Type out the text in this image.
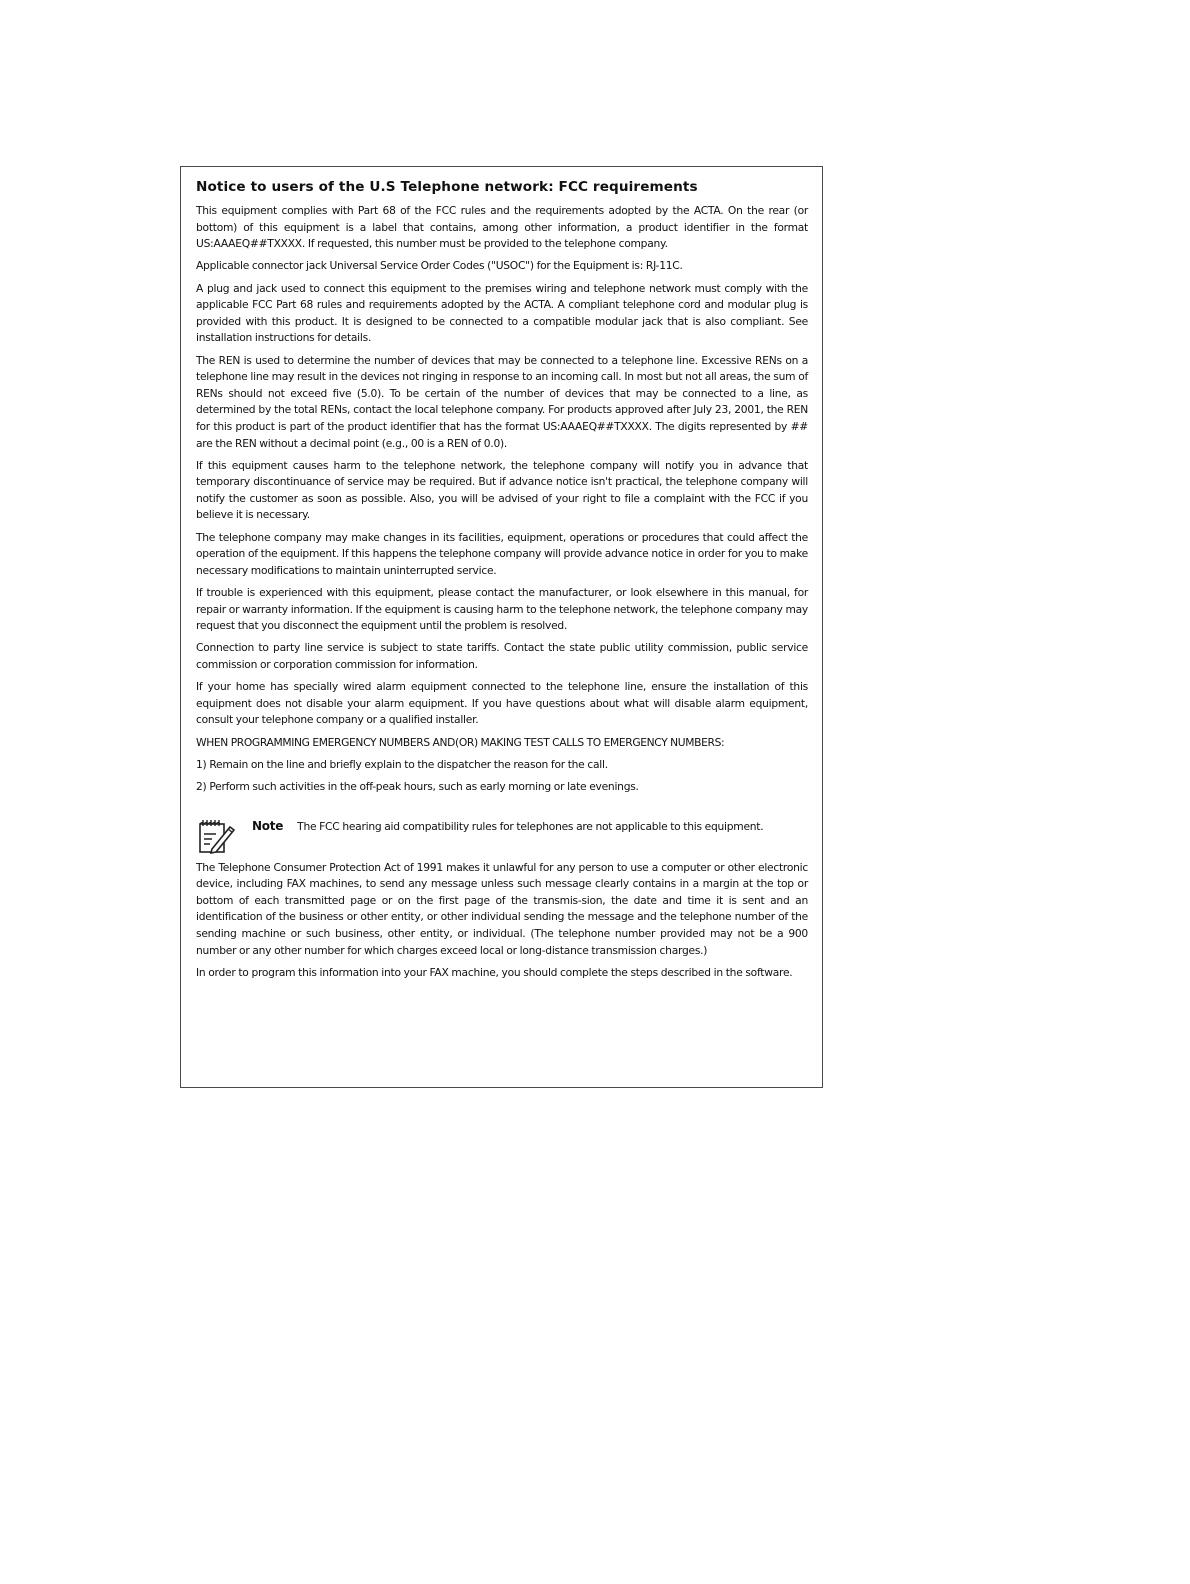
Notice to users of the U.S Telephone network: FCC requirements

This equipment complies with Part 68 of the FCC rules and the requirements adopted by the ACTA. On the rear (or bottom) of this equipment is a label that contains, among other information, a product identifier in the format US:AAAEQ##TXXXX. If requested, this number must be provided to the telephone company.

Applicable connector jack Universal Service Order Codes ("USOC") for the Equipment is: RJ-11C.

A plug and jack used to connect this equipment to the premises wiring and telephone network must comply with the applicable FCC Part 68 rules and requirements adopted by the ACTA. A compliant telephone cord and modular plug is provided with this product. It is designed to be connected to a compatible modular jack that is also compliant. See installation instructions for details.

The REN is used to determine the number of devices that may be connected to a telephone line. Excessive RENs on a telephone line may result in the devices not ringing in response to an incoming call. In most but not all areas, the sum of RENs should not exceed five (5.0). To be certain of the number of devices that may be connected to a line, as determined by the total RENs, contact the local telephone company. For products approved after July 23, 2001, the REN for this product is part of the product identifier that has the format US:AAAEQ##TXXXX. The digits represented by ## are the REN without a decimal point (e.g., 00 is a REN of 0.0).

If this equipment causes harm to the telephone network, the telephone company will notify you in advance that temporary discontinuance of service may be required. But if advance notice isn't practical, the telephone company will notify the customer as soon as possible. Also, you will be advised of your right to file a complaint with the FCC if you believe it is necessary.

The telephone company may make changes in its facilities, equipment, operations or procedures that could affect the operation of the equipment. If this happens the telephone company will provide advance notice in order for you to make necessary modifications to maintain uninterrupted service.

If trouble is experienced with this equipment, please contact the manufacturer, or look elsewhere in this manual, for repair or warranty information. If the equipment is causing harm to the telephone network, the telephone company may request that you disconnect the equipment until the problem is resolved.

Connection to party line service is subject to state tariffs. Contact the state public utility commission, public service commission or corporation commission for information.

If your home has specially wired alarm equipment connected to the telephone line, ensure the installation of this equipment does not disable your alarm equipment. If you have questions about what will disable alarm equipment, consult your telephone company or a qualified installer.

WHEN PROGRAMMING EMERGENCY NUMBERS AND(OR) MAKING TEST CALLS TO EMERGENCY NUMBERS:

1) Remain on the line and briefly explain to the dispatcher the reason for the call.

2) Perform such activities in the off-peak hours, such as early morning or late evenings.

Note The FCC hearing aid compatibility rules for telephones are not applicable to this equipment.

The Telephone Consumer Protection Act of 1991 makes it unlawful for any person to use a computer or other electronic device, including FAX machines, to send any message unless such message clearly contains in a margin at the top or bottom of each transmitted page or on the first page of the transmis-sion, the date and time it is sent and an identification of the business or other entity, or other individual sending the message and the telephone number of the sending machine or such business, other entity, or individual. (The telephone number provided may not be a 900 number or any other number for which charges exceed local or long-distance transmission charges.)

In order to program this information into your FAX machine, you should complete the steps described in the software.
